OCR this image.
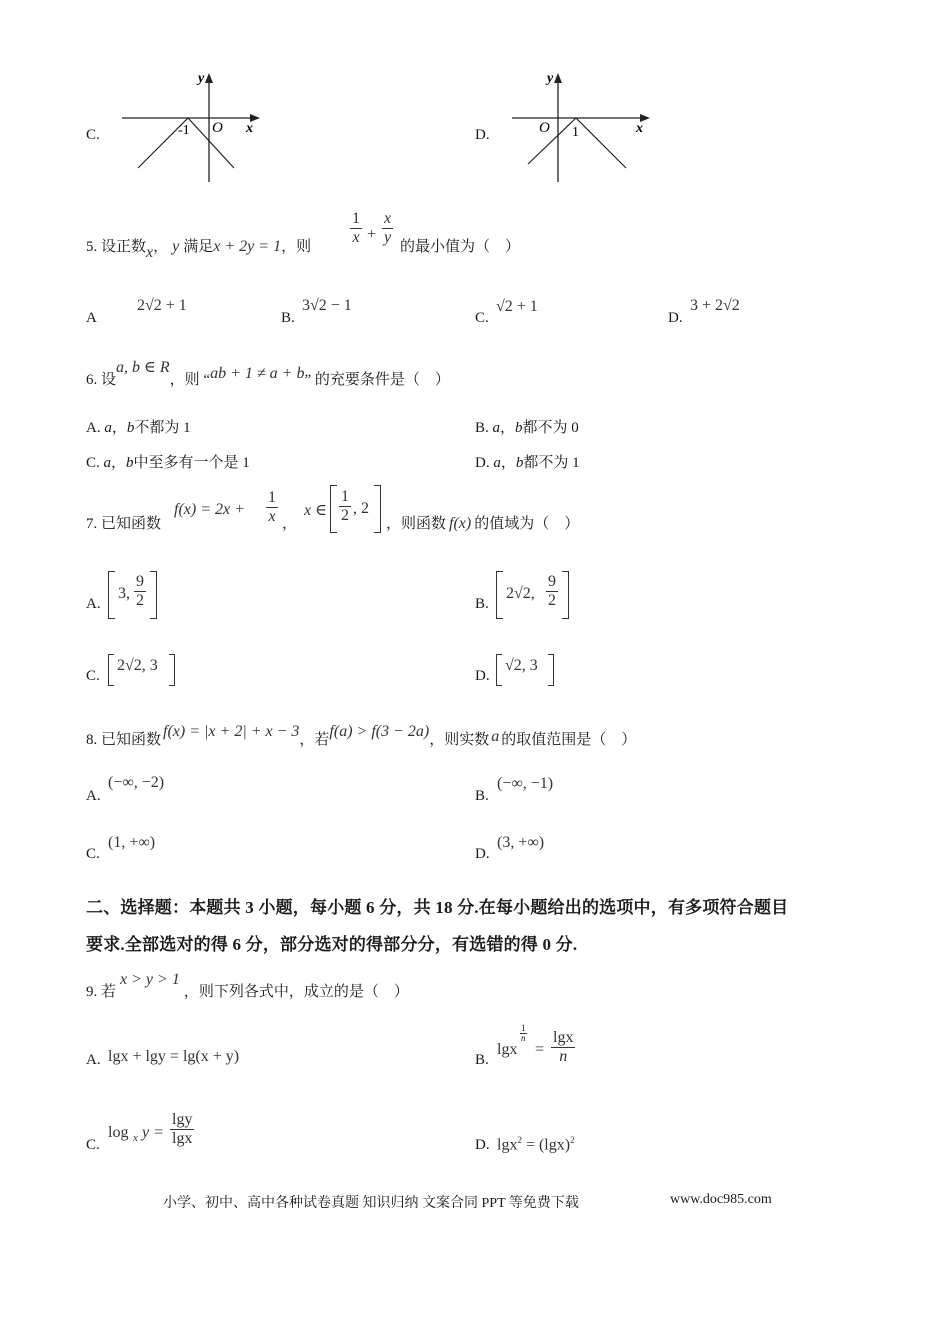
C.
y
x
O
-1	D.
y
x
O 1
5. 设正数x， y 满足x + 2y = 1，则
1
x +
x
y
的最小值为（　）
A
2√2 + 1
B.
3√2 − 1
C.
√2 + 1
D.
3 + 2√2
6. 设a, b ∈ R，则 “ab + 1 ≠ a + b” 的充要条件是（　）
A. a，b不都为 1	B. a，b都不为 0
C. a，b中至多有一个是 1	D. a，b都不为 1
7. 已知函数
f(x) = 2x +
1
x ，
x ∈
1
2 , 2
，则函数 f(x) 的值域为（　）
A.
3,
9
2	B.
2√2,
9
2
C.
2√2, 3
D.
√2, 3
8. 已知函数 f(x) = |x + 2| + x − 3，若f(a) > f(3 − 2a)，则实数 a 的取值范围是（　）
A.
(−∞, −2)
B.
(−∞, −1)
C.
(1, +∞)
D.
(3, +∞)
二、选择题：本题共 3 小题，每小题 6 分，共 18 分.在每小题给出的选项中，有多项符合题目
要求.全部选对的得 6 分，部分选对的得部分分，有选错的得 0 分.
9. 若x > y > 1，则下列各式中，成立的是（　）
A. lgx + lgy = lg(x + y)	B.
lgx
1
n
=
lgx
n
C.
log x y =
lgy
lgx	D. $\lg x^2 = (\lg x)^2$
小学、初中、高中各种试卷真题 知识归纳 文案合同 PPT 等免费下载	www.doc985.com
